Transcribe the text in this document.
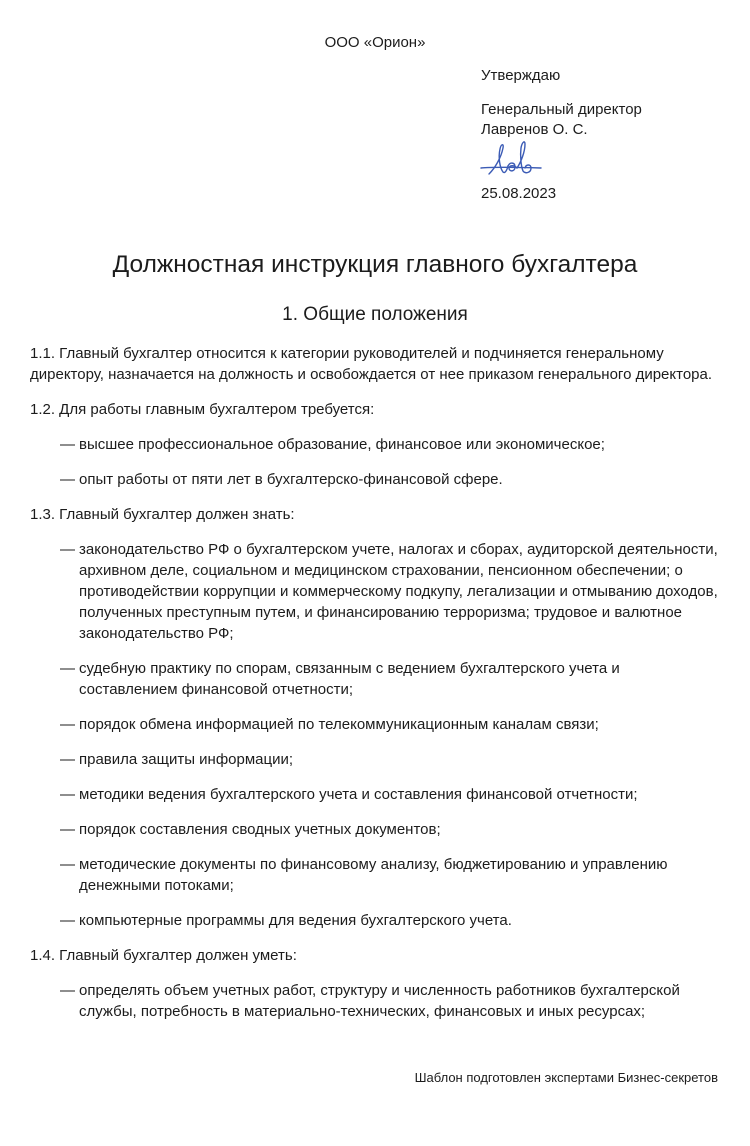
ООО «Орион»
Утверждаю
Генеральный директор
Лавренов О. С.
25.08.2023
Должностная инструкция главного бухгалтера
1. Общие положения

1.1. Главный бухгалтер относится к категории руководителей и подчиняется генеральному директору, назначается на должность и освобождается от нее приказом генерального директора.

1.2. Для работы главным бухгалтером требуется:

— высшее профессиональное образование, финансовое или экономическое;
— опыт работы от пяти лет в бухгалтерско-финансовой сфере.

1.3. Главный бухгалтер должен знать:

— законодательство РФ о бухгалтерском учете, налогах и сборах, аудиторской деятельности, архивном деле, социальном и медицинском страховании, пенсионном обеспечении; о противодействии коррупции и коммерческому подкупу, легализации и отмыванию доходов, полученных преступным путем, и финансированию терроризма; трудовое и валютное законодательство РФ;
— судебную практику по спорам, связанным с ведением бухгалтерского учета и составлением финансовой отчетности;
— порядок обмена информацией по телекоммуникационным каналам связи;
— правила защиты информации;
— методики ведения бухгалтерского учета и составления финансовой отчетности;
— порядок составления сводных учетных документов;
— методические документы по финансовому анализу, бюджетированию и управлению денежными потоками;
— компьютерные программы для ведения бухгалтерского учета.

1.4. Главный бухгалтер должен уметь:

— определять объем учетных работ, структуру и численность работников бухгалтерской службы, потребность в материально-технических, финансовых и иных ресурсах;
Шаблон подготовлен экспертами Бизнес-секретов
